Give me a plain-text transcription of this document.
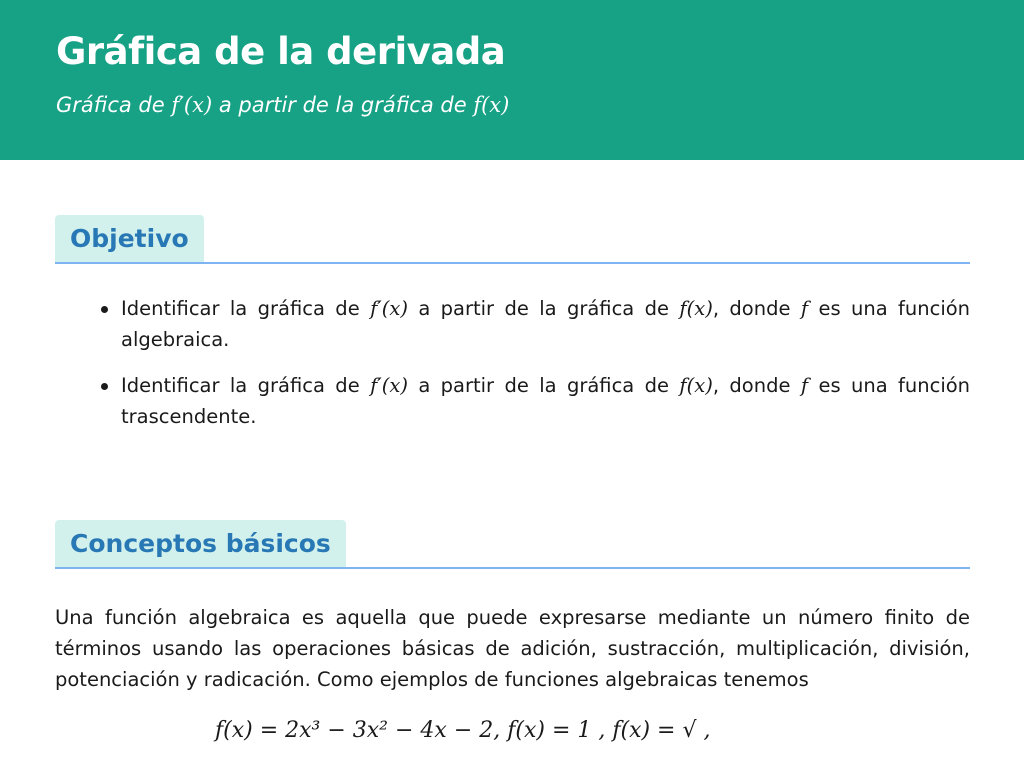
Gráfica de la derivada
Gráfica de f′(x) a partir de la gráfica de f(x)
Objetivo
Identificar la gráfica de f′(x) a partir de la gráfica de f(x), donde f es una función algebraica.
Identificar la gráfica de f′(x) a partir de la gráfica de f(x), donde f es una función trascendente.
Conceptos básicos

Una función algebraica es aquella que puede expresarse mediante un número finito de términos usando las operaciones básicas de adición, sustracción, multiplicación, división, potenciación y radicación. Como ejemplos de funciones algebraicas tenemos

f(x) = 2x³ − 3x² − 4x − 2, f(x) = 1 , f(x) = √ ,
